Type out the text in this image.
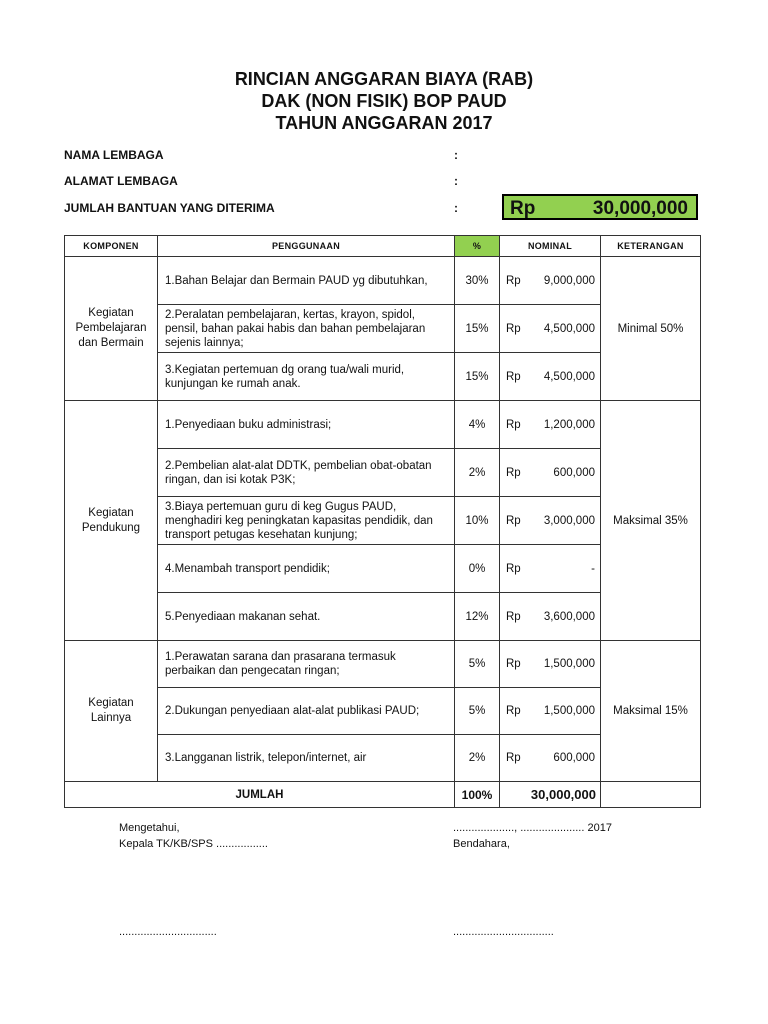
RINCIAN ANGGARAN BIAYA (RAB)
DAK (NON FISIK) BOP PAUD
TAHUN ANGGARAN 2017
NAMA LEMBAGA	:
ALAMAT LEMBAGA	:
JUMLAH BANTUAN YANG DITERIMA	:	Rp	30,000,000
KOMPONEN	PENGGUNAAN	%	NOMINAL	KETERANGAN
Kegiatan
Pembelajaran
dan Bermain	1.Bahan Belajar dan Bermain PAUD yg dibutuhkan,	30%	Rp 9,000,000	Minimal 50%
	2.Peralatan pembelajaran, kertas, krayon, spidol, pensil, bahan pakai habis dan bahan pembelajaran sejenis lainnya;	15%	Rp 4,500,000	

	3.Kegiatan pertemuan dg orang tua/wali murid, kunjungan ke rumah anak.	15%	Rp 4,500,000	

Kegiatan
Pendukung	1.Penyediaan buku administrasi;	4%	Rp 1,200,000	Maksimal 35%
	2.Pembelian alat-alat DDTK, pembelian obat-obatan ringan, dan isi kotak P3K;	2%	Rp 600,000	

	3.Biaya pertemuan guru di keg Gugus PAUD, menghadiri keg peningkatan kapasitas pendidik, dan transport petugas kesehatan kunjung;	10%	Rp 3,000,000	

	4.Menambah transport pendidik;	0%	Rp -	

	5.Penyediaan makanan sehat.	12%	Rp 3,600,000	

Kegiatan
Lainnya	1.Perawatan sarana dan prasarana termasuk perbaikan dan pengecatan ringan;	5%	Rp 1,500,000	Maksimal 15%
	2.Dukungan penyediaan alat-alat publikasi PAUD;	5%	Rp 1,500,000	

	3.Langganan listrik, telepon/internet, air	2%	Rp 600,000	

JUMLAH		100%	30,000,000	
Mengetahui,
Kepala TK/KB/SPS .................
...................., ..................... 2017
Bendahara,
................................	.................................
